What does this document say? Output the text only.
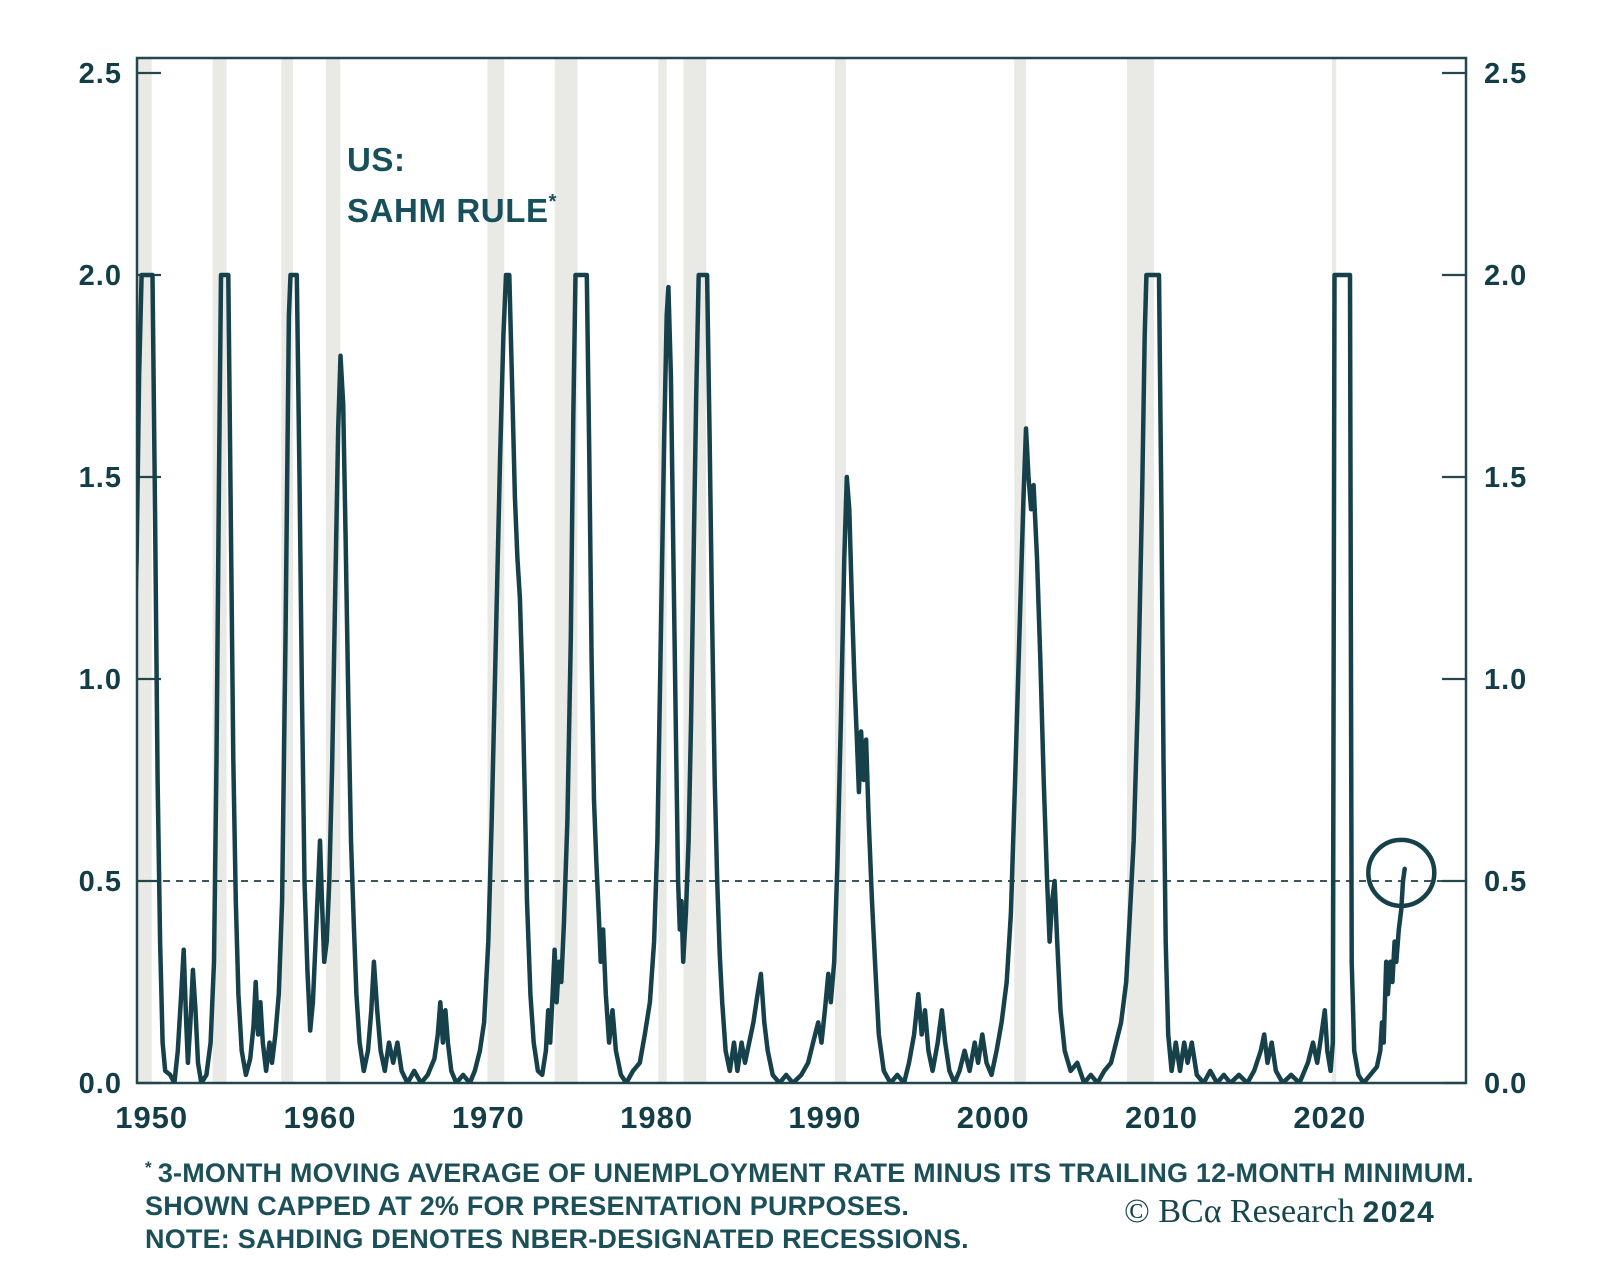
0.0	0.0
0.5	0.5
1.0	1.0
1.5	1.5
2.0	2.0
2.5	2.5
1950	1960	1970	1980	1990	2000	2010	2020
US:
SAHM RULE*
* 3-MONTH MOVING AVERAGE OF UNEMPLOYMENT RATE MINUS ITS TRAILING 12-MONTH MINIMUM.
SHOWN CAPPED AT 2% FOR PRESENTATION PURPOSES.
NOTE: SAHDING DENOTES NBER-DESIGNATED RECESSIONS.
© BCα Research 2024
